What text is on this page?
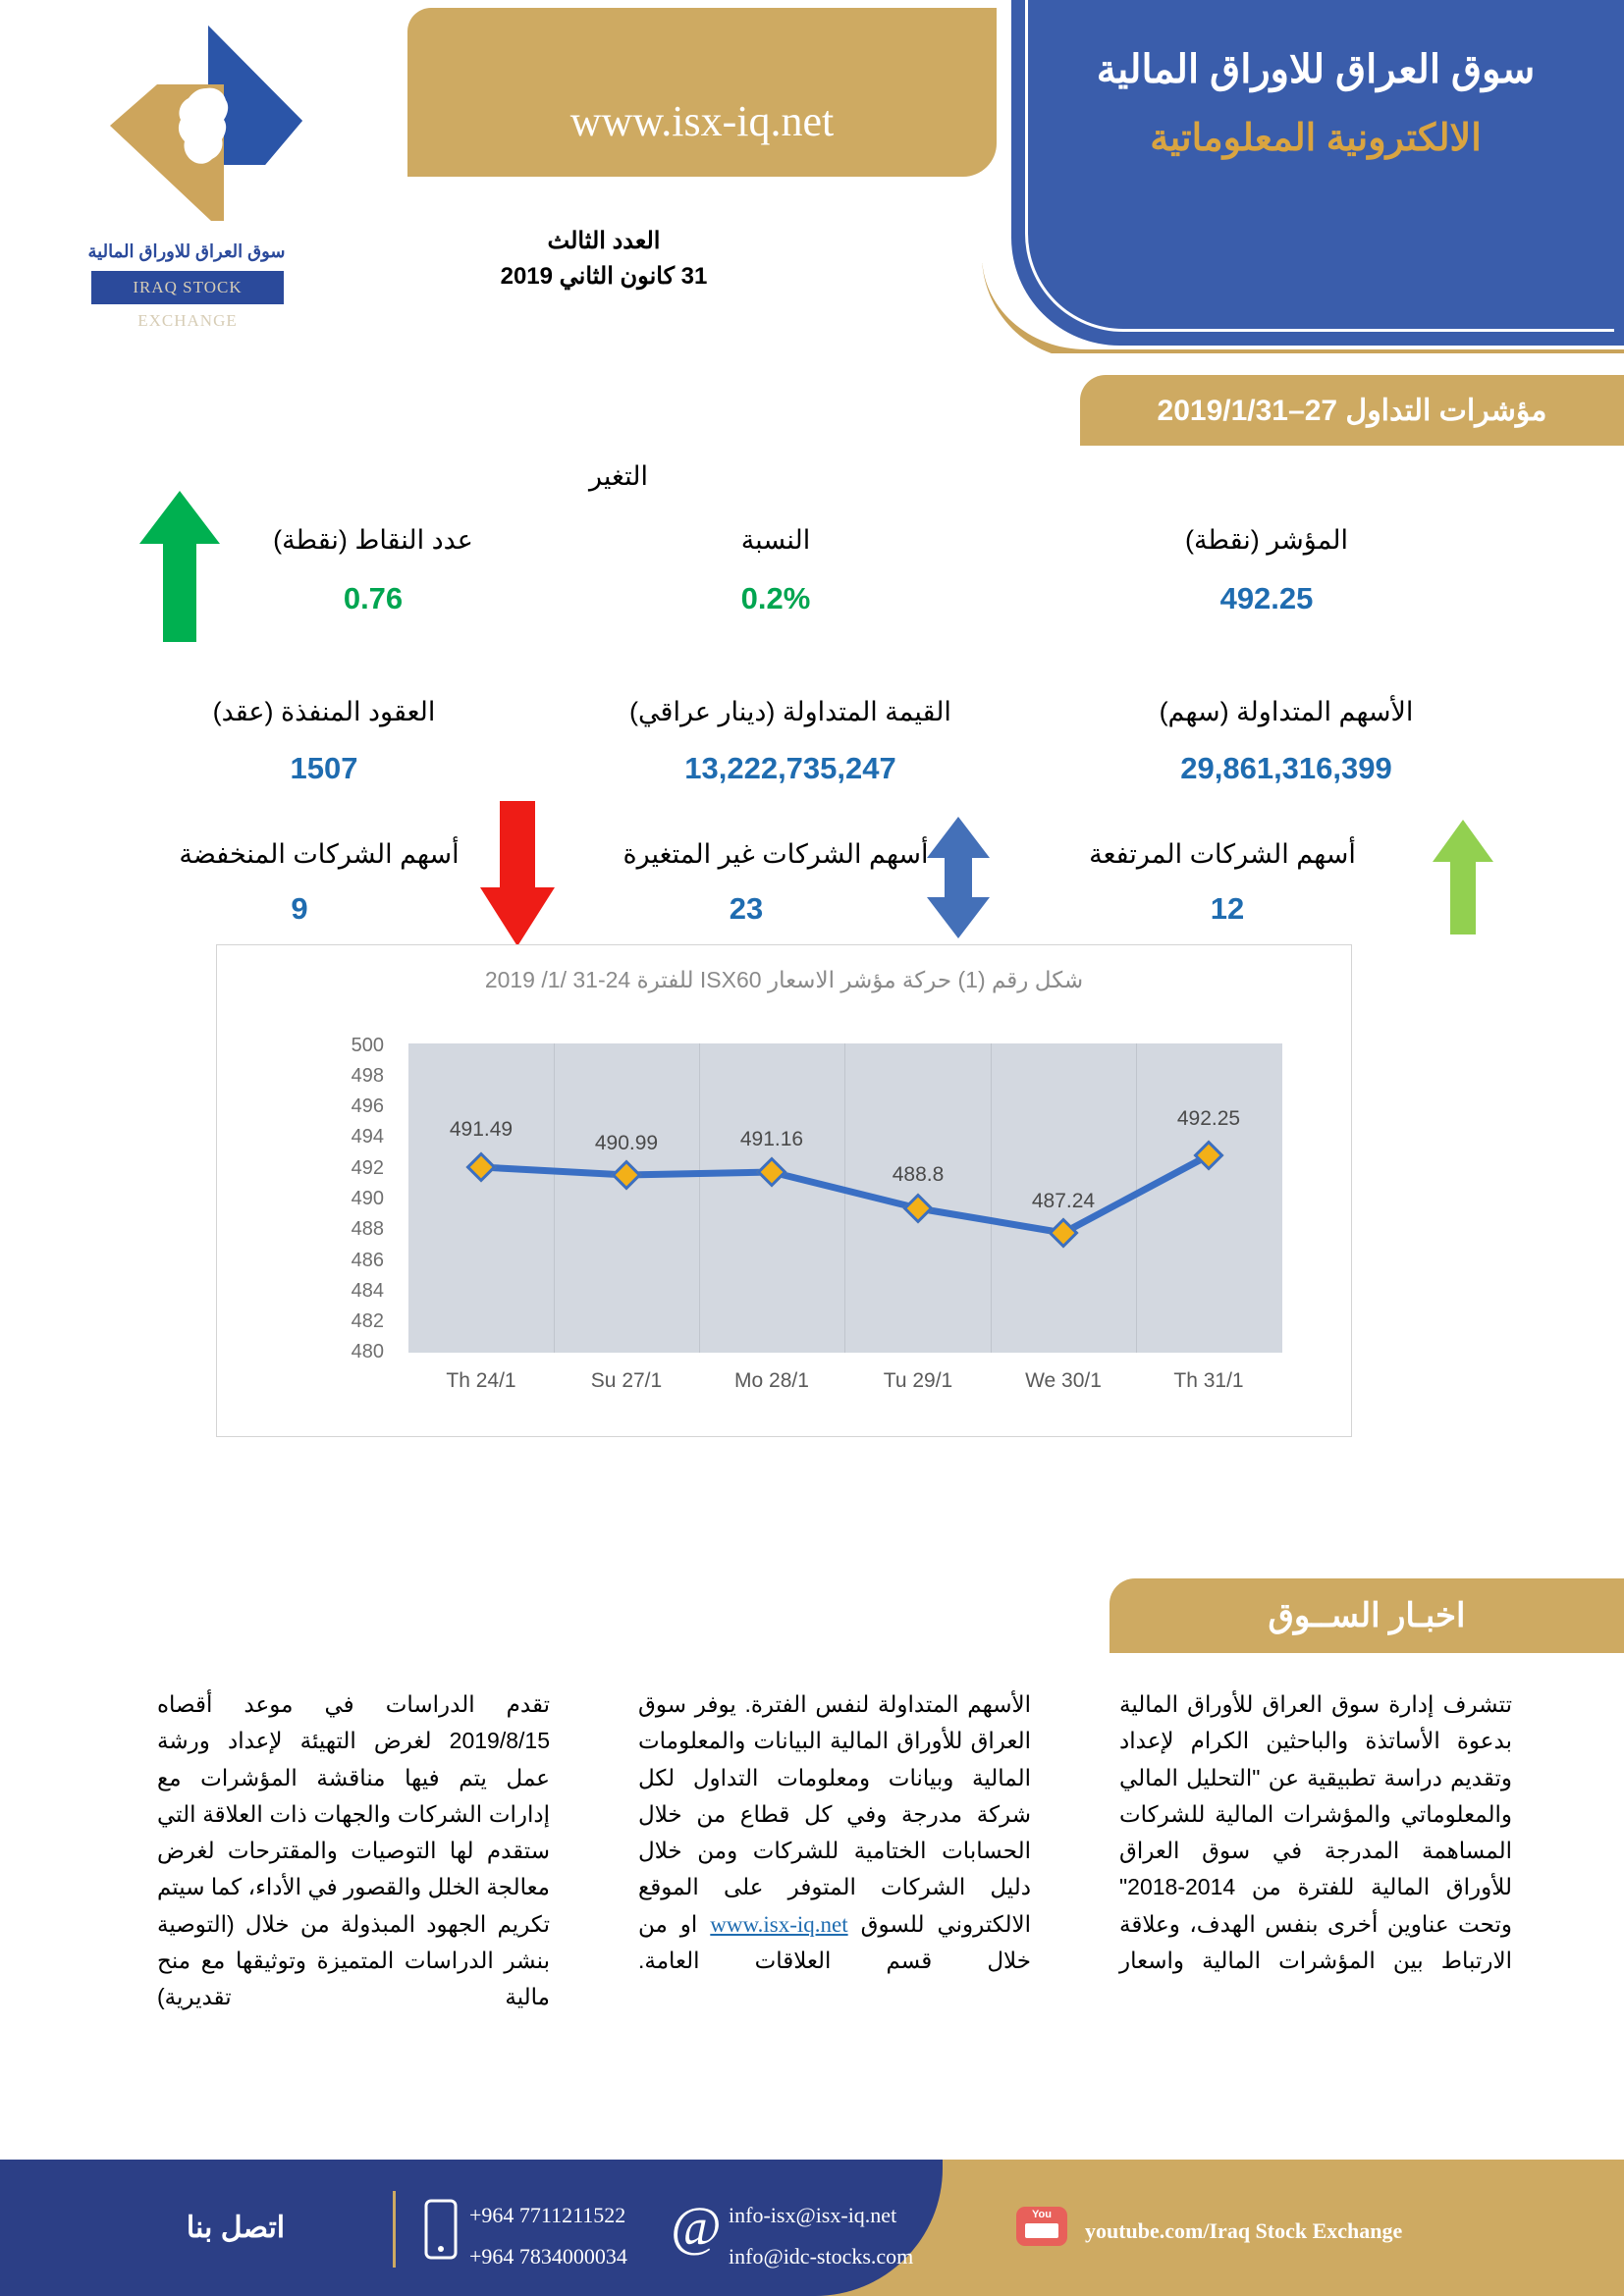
سوق العراق للاوراق المالية
الالكترونية المعلوماتية
www.isx-iq.net
العدد الثالث
31 كانون الثاني 2019
سوق العراق للاوراق المالية
IRAQ STOCK EXCHANGE
مؤشرات التداول 27–2019/1/31
التغير
المؤشر (نقطة)
492.25
النسبة
0.2%
عدد النقاط (نقطة)
0.76
الأسهم المتداولة (سهم)
29,861,316,399
القيمة المتداولة (دينار عراقي)
13,222,735,247
العقود المنفذة (عقد)
1507
أسهم الشركات المرتفعة
12
أسهم الشركات غير المتغيرة
23
أسهم الشركات المنخفضة
9
شكل رقم (1) حركة مؤشر الاسعار ISX60 للفترة 24-31 /1/ 2019
500
498
496
494
492
490
488
486
484
482
480
491.49
490.99	491.16
488.8
487.24
492.25
Th 24/1	Su 27/1	Mo 28/1	Tu 29/1	We 30/1	Th 31/1
اخبـار الســوق
تتشرف إدارة سوق العراق للأوراق المالية بدعوة الأساتذة والباحثين الكرام لإعداد وتقديم دراسة تطبيقية عن "التحليل المالي والمعلوماتي والمؤشرات المالية للشركات المساهمة المدرجة في سوق العراق للأوراق المالية للفترة من 2014-2018" وتحت عناوين أخرى بنفس الهدف، وعلاقة الارتباط بين المؤشرات المالية واسعار
الأسهم المتداولة لنفس الفترة. يوفر سوق العراق للأوراق المالية البيانات والمعلومات المالية وبيانات ومعلومات التداول لكل شركة مدرجة وفي كل قطاع من خلال الحسابات الختامية للشركات ومن خلال دليل الشركات المتوفر على الموقع الالكتروني للسوق www.isx-iq.net او من خلال قسم العلاقات العامة.
تقدم الدراسات في موعد أقصاه 2019/8/15 لغرض التهيئة لإعداد ورشة عمل يتم فيها مناقشة المؤشرات مع إدارات الشركات والجهات ذات العلاقة التي ستقدم لها التوصيات والمقترحات لغرض معالجة الخلل والقصور في الأداء، كما سيتم تكريم الجهود المبذولة من خلال (التوصية بنشر الدراسات المتميزة وتوثيقها مع منح مالية تقديرية)
اتصل بنا	+964 7711211522
+964 7834000034 @ info-isx@isx-iq.net
info@idc-stocks.com
You
youtube.com/Iraq Stock Exchange
